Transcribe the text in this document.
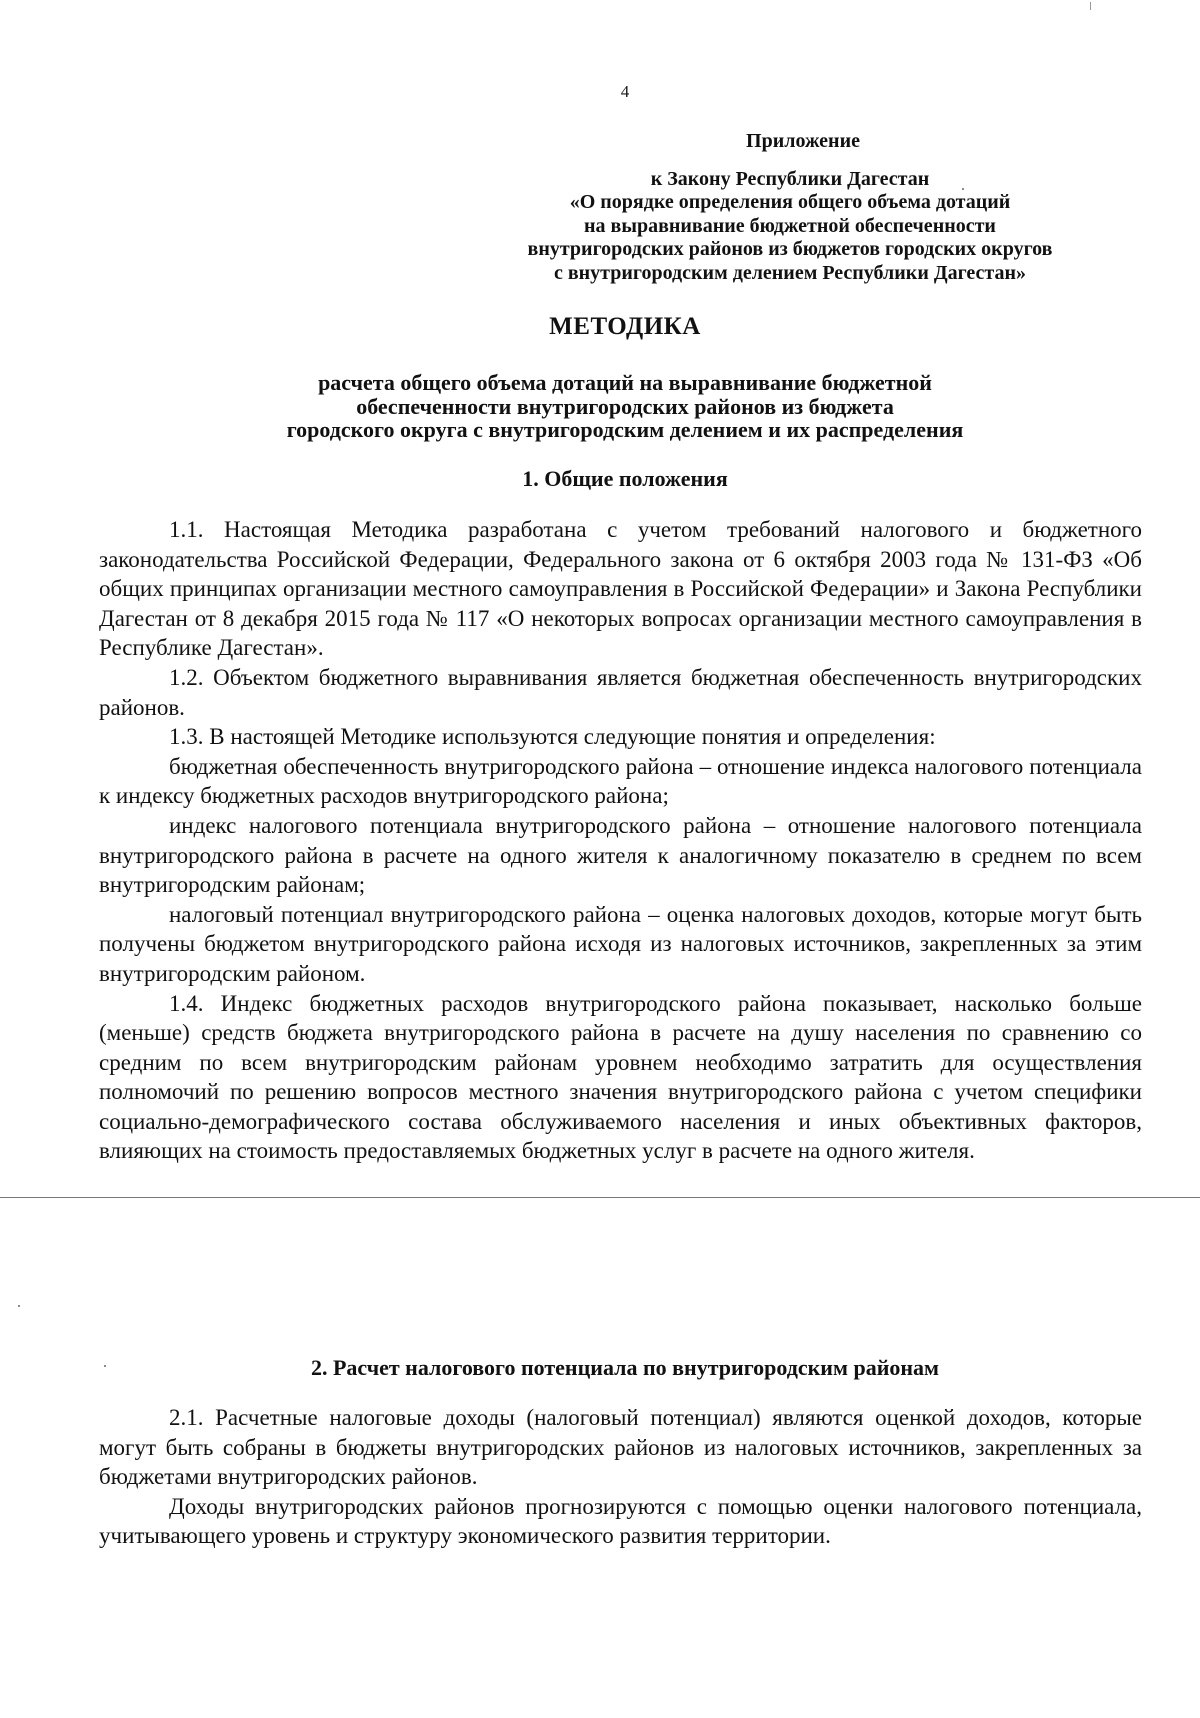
4
Приложение
к Закону Республики Дагестан
«О порядке определения общего объема дотаций
на выравнивание бюджетной обеспеченности
внутригородских районов из бюджетов городских округов
с внутригородским делением Республики Дагестан»
МЕТОДИКА
расчета общего объема дотаций на выравнивание бюджетной
обеспеченности внутригородских районов из бюджета
городского округа с внутригородским делением и их распределения
1. Общие положения

1.1. Настоящая Методика разработана с учетом требований налогового и бюджетного законодательства Российской Федерации, Федерального закона от 6 октября 2003 года № 131-ФЗ «Об общих принципах организации местного самоуправления в Российской Федерации» и Закона Республики Дагестан от 8 декабря 2015 года № 117 «О некоторых вопросах организации местного самоуправления в Республике Дагестан».

1.2. Объектом бюджетного выравнивания является бюджетная обеспеченность внутригородских районов.

1.3. В настоящей Методике используются следующие понятия и определения:

бюджетная обеспеченность внутригородского района – отношение индекса налогового потенциала к индексу бюджетных расходов внутригородского района;

индекс налогового потенциала внутригородского района – отношение налогового потенциала внутригородского района в расчете на одного жителя к аналогичному показателю в среднем по всем внутригородским районам;

налоговый потенциал внутригородского района – оценка налоговых доходов, которые могут быть получены бюджетом внутригородского района исходя из налоговых источников, закрепленных за этим внутригородским районом.

1.4. Индекс бюджетных расходов внутригородского района показывает, насколько больше (меньше) средств бюджета внутригородского района в расчете на душу населения по сравнению со средним по всем внутригородским районам уровнем необходимо затратить для осуществления полномочий по решению вопросов местного значения внутригородского района с учетом специфики социально-демографического состава обслуживаемого населения и иных объективных факторов, влияющих на стоимость предоставляемых бюджетных услуг в расчете на одного жителя.

2. Расчет налогового потенциала по внутригородским районам

2.1. Расчетные налоговые доходы (налоговый потенциал) являются оценкой доходов, которые могут быть собраны в бюджеты внутригородских районов из налоговых источников, закрепленных за бюджетами внутригородских районов.

Доходы внутригородских районов прогнозируются с помощью оценки налогового потенциала, учитывающего уровень и структуру экономического развития территории.
